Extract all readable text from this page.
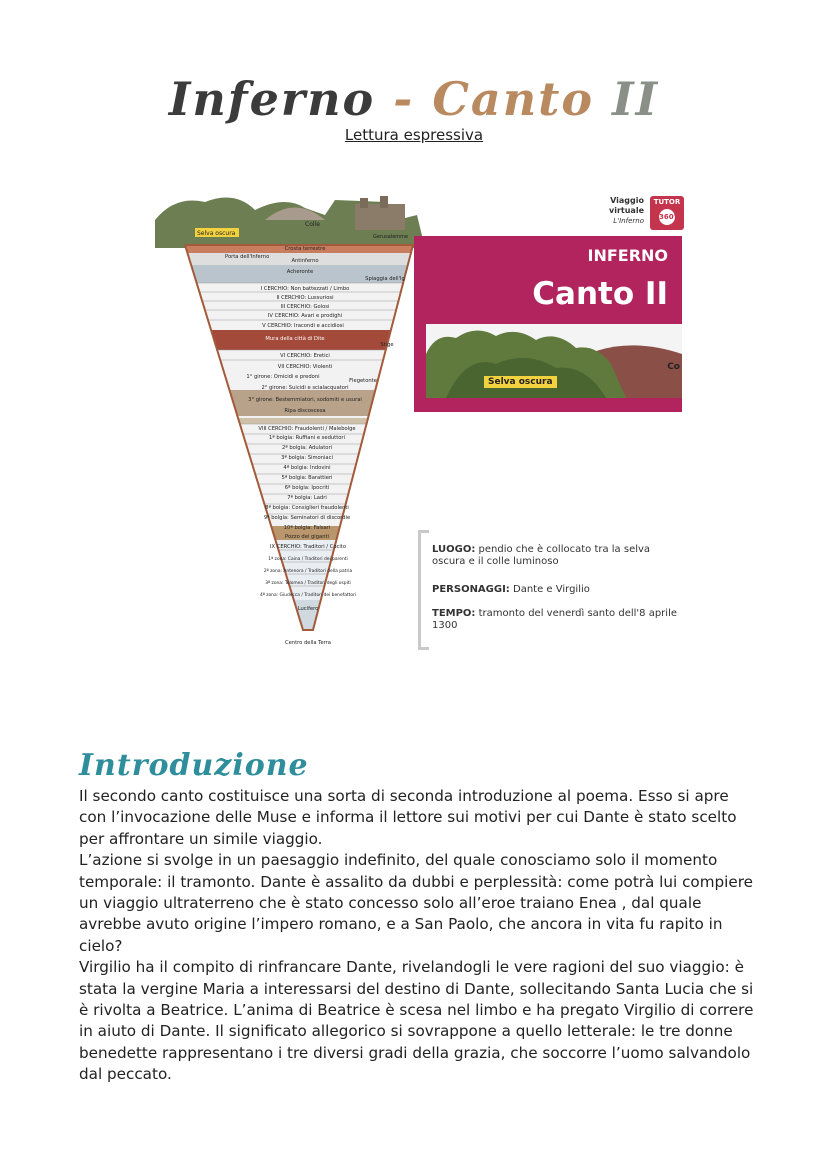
Inferno - Canto II
Lettura espressiva
Selva oscura
Colle
Gerusalemme
Crosta terrestre
Porta dell'Inferno
Antinferno
Acheronte
Spiaggia dell'Ig
I CERCHIO: Non battezzati / Limbo
II CERCHIO: Lussuriosi
III CERCHIO: Golosi
IV CERCHIO: Avari e prodighi
V CERCHIO: Iracondi e accidiosi
Mura della città di Dite
Stige
VI CERCHIO: Eretici
VII CERCHIO: Violenti
1° girone: Omicidi e predoni
Flegetonte
2° girone: Suicidi e scialacquatori
3° girone: Bestemmiatori, sodomiti e usurai
Ripa discoscesa
VIII CERCHIO: Fraudolenti / Malebolge
1ª bolgia: Ruffiani e seduttori
2ª bolgia: Adulatori
3ª bolgia: Simoniaci
4ª bolgia: Indovini
5ª bolgia: Barattieri
6ª bolgia: Ipocriti
7ª bolgia: Ladri
8ª bolgia: Consiglieri fraudolenti
9ª bolgia: Seminatori di discordie
10ª bolgia: Falsari
Pozzo dei giganti
IX CERCHIO: Traditori / Cocito
1ª zona: Caina / Traditori dei parenti
2ª zona: Antenora / Traditori della patria
3ª zona: Tolomea / Traditori degli ospiti
4ª zona: Giudecca / Traditori dei benefattori
Lucifero
Centro della Terra
Viaggio
virtuale
L'Inferno
TUTOR
360°
INFERNO
Canto II
Selva oscura
Co
LUOGO: pendio che è collocato tra la selva oscura e il colle luminoso
PERSONAGGI: Dante e Virgilio
TEMPO: tramonto del venerdì santo dell'8 aprile 1300
Introduzione

Il secondo canto costituisce una sorta di seconda introduzione al poema. Esso si apre con l’invocazione delle Muse e informa il lettore sui motivi per cui Dante è stato scelto per affrontare un simile viaggio.

L’azione si svolge in un paesaggio indefinito, del quale conosciamo solo il momento temporale: il tramonto. Dante è assalito da dubbi e perplessità: come potrà lui compiere un viaggio ultraterreno che è stato concesso solo all’eroe traiano Enea , dal quale avrebbe avuto origine l’impero romano, e a San Paolo, che ancora in vita fu rapito in cielo?

Virgilio ha il compito di rinfrancare Dante, rivelandogli le vere ragioni del suo viaggio: è stata la vergine Maria a interessarsi del destino di Dante, sollecitando Santa Lucia che si è rivolta a Beatrice. L’anima di Beatrice è scesa nel limbo e ha pregato Virgilio di correre in aiuto di Dante. Il significato allegorico si sovrappone a quello letterale: le tre donne benedette rappresentano i tre diversi gradi della grazia, che soccorre l’uomo salvandolo dal peccato.
